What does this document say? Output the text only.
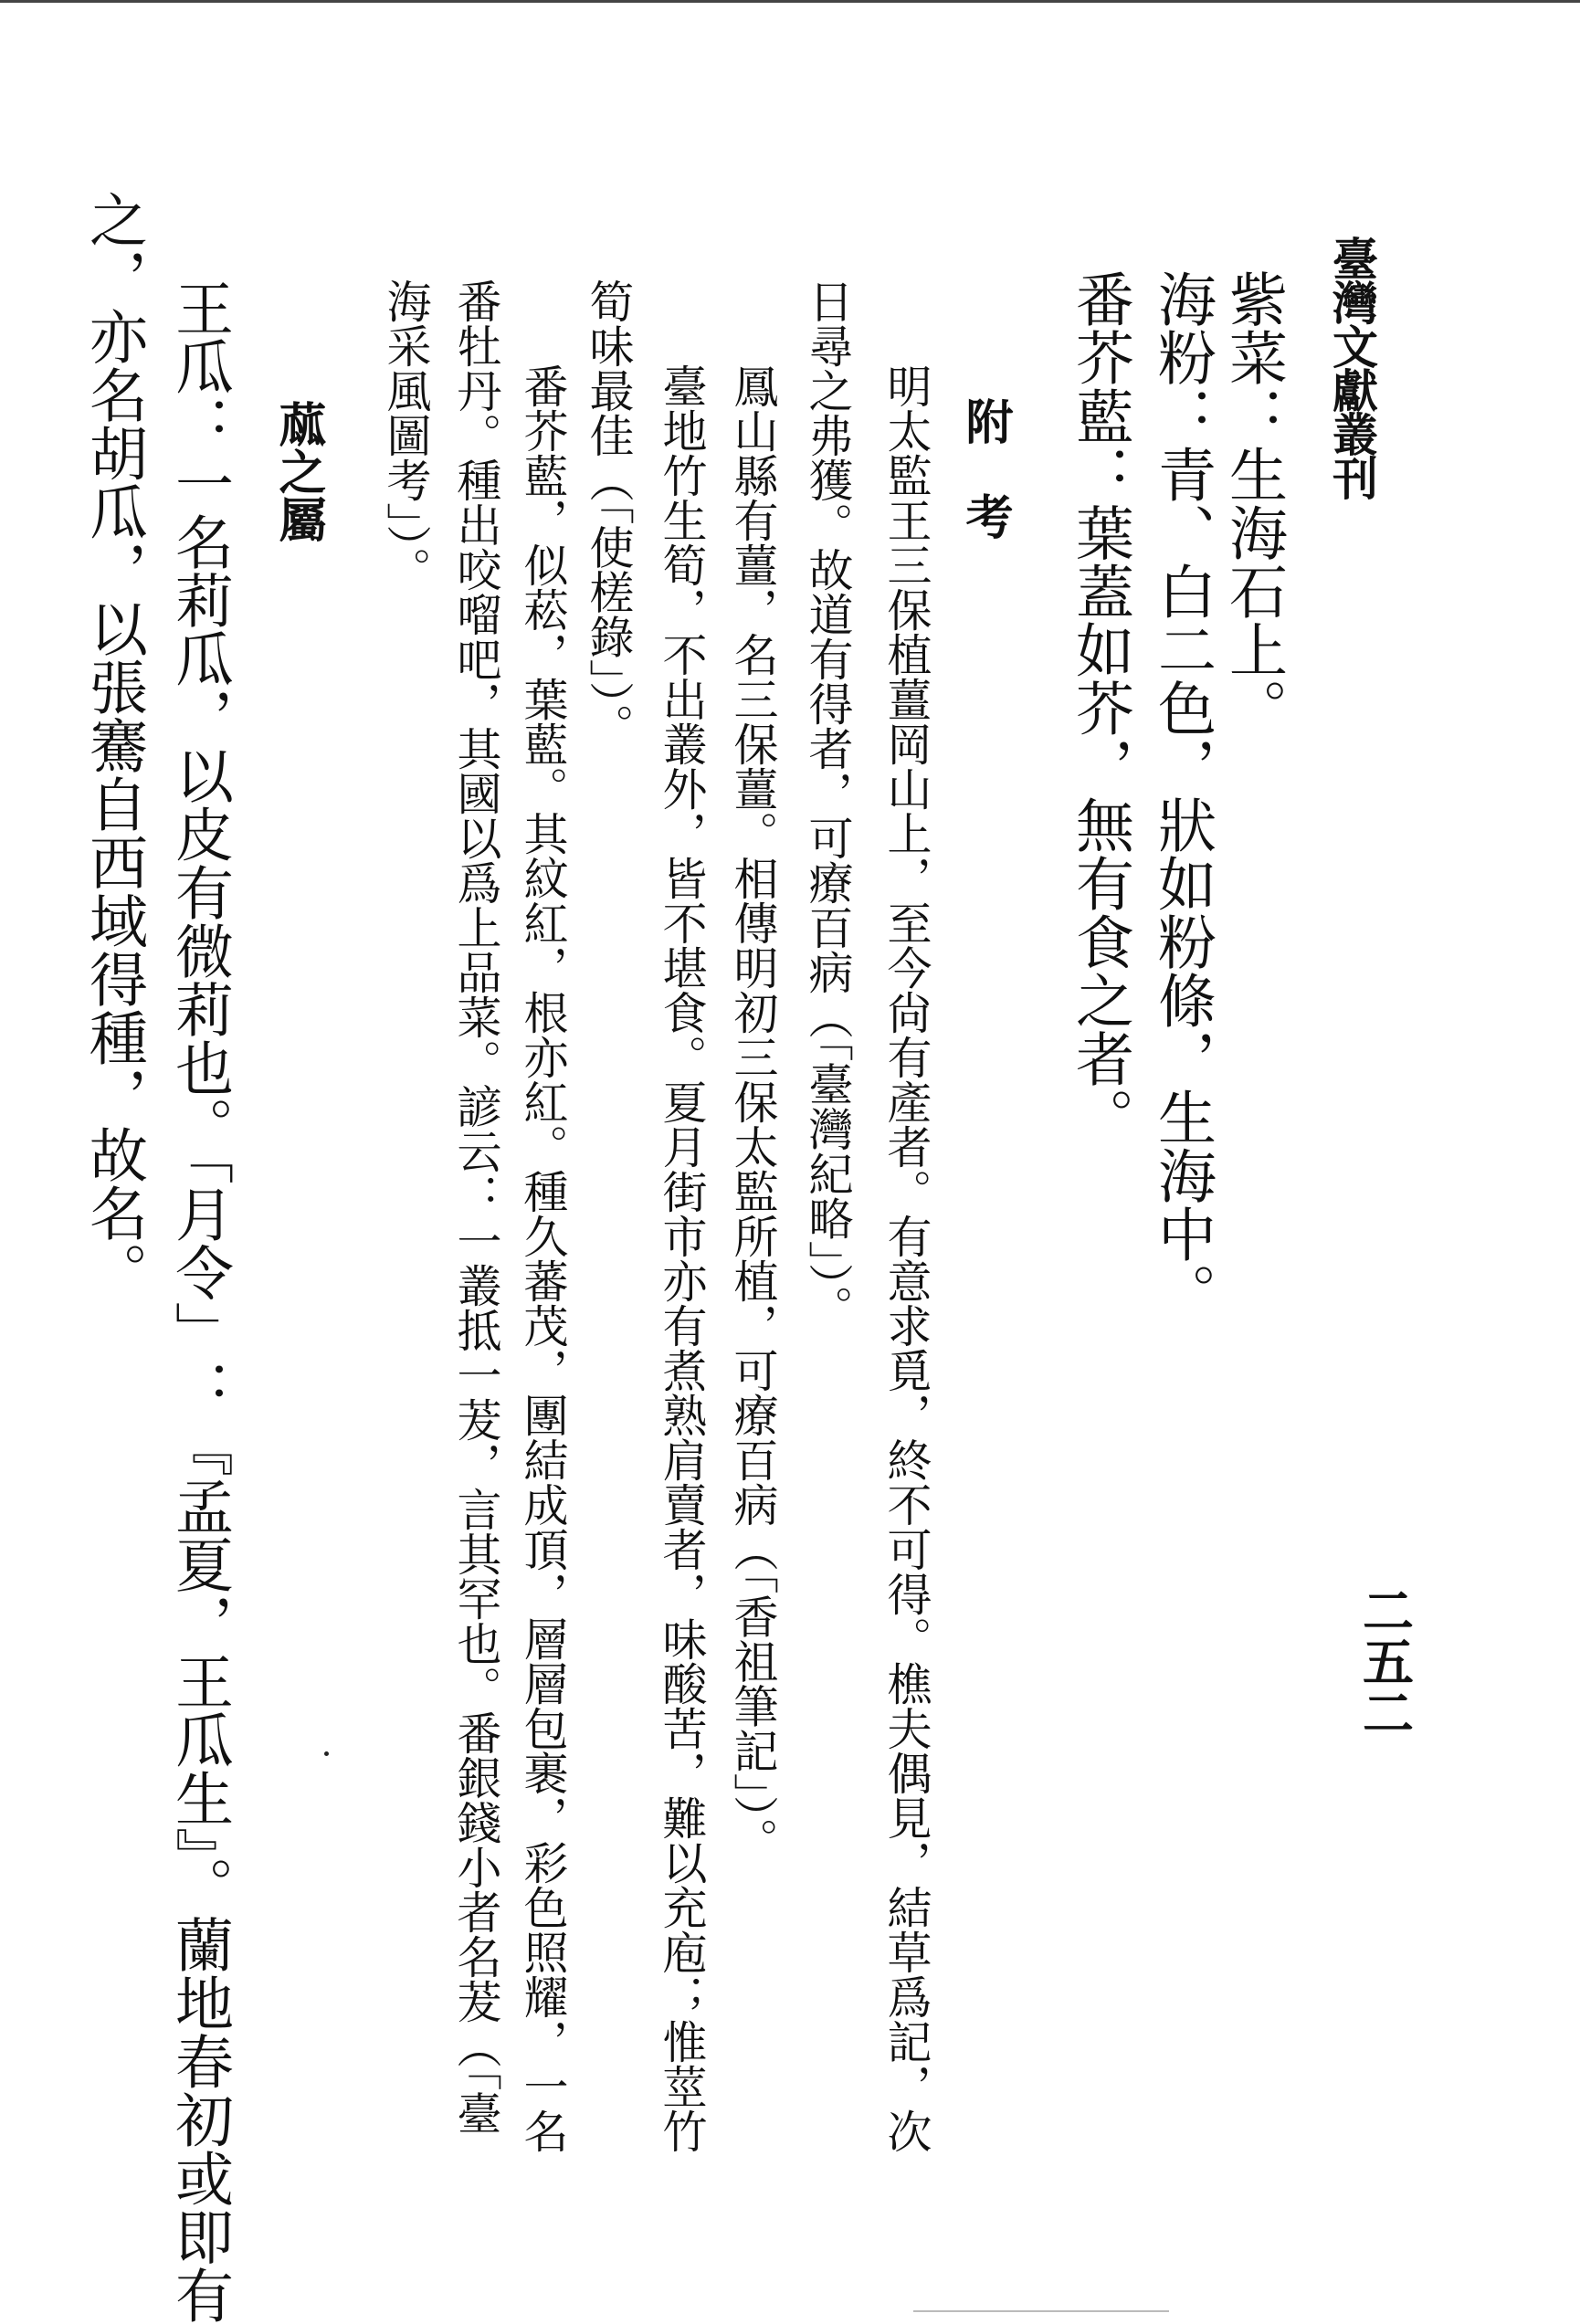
臺灣文獻叢刊
二五二
紫菜：生海石上。
海粉：青、白二色，狀如粉條，生海中。
番芥藍：葉蓋如芥，無有食之者。
附　考
明太監王三保植薑岡山上，至今尙有產者。有意求覓，終不可得。樵夫偶見，結草爲記，次
日尋之弗獲。故道有得者，可療百病（「臺灣紀略」）。
鳳山縣有薑，名三保薑。相傳明初三保太監所植，可療百病（「香祖筆記」）。
臺地竹生筍，不出叢外，皆不堪食。夏月街市亦有煮熟肩賣者，味酸苦，難以充庖；惟莖竹
筍味最佳（「使槎錄」）。
番芥藍，似菘，葉藍。其紋紅，根亦紅。種久蕃茂，團結成頂，層層包裹，彩色照耀，一名
番牡丹。種出咬𠺕吧，其國以爲上品菜。諺云：一叢抵一茇，言其罕也。番銀錢小者名茇（「臺
海采風圖考」）。
蓏之屬
王瓜：一名莉瓜，以皮有微莉也。「月令」：『孟夏，王瓜生』。蘭地春初或即有
之，亦名胡瓜，以張騫自西域得種，故名。
